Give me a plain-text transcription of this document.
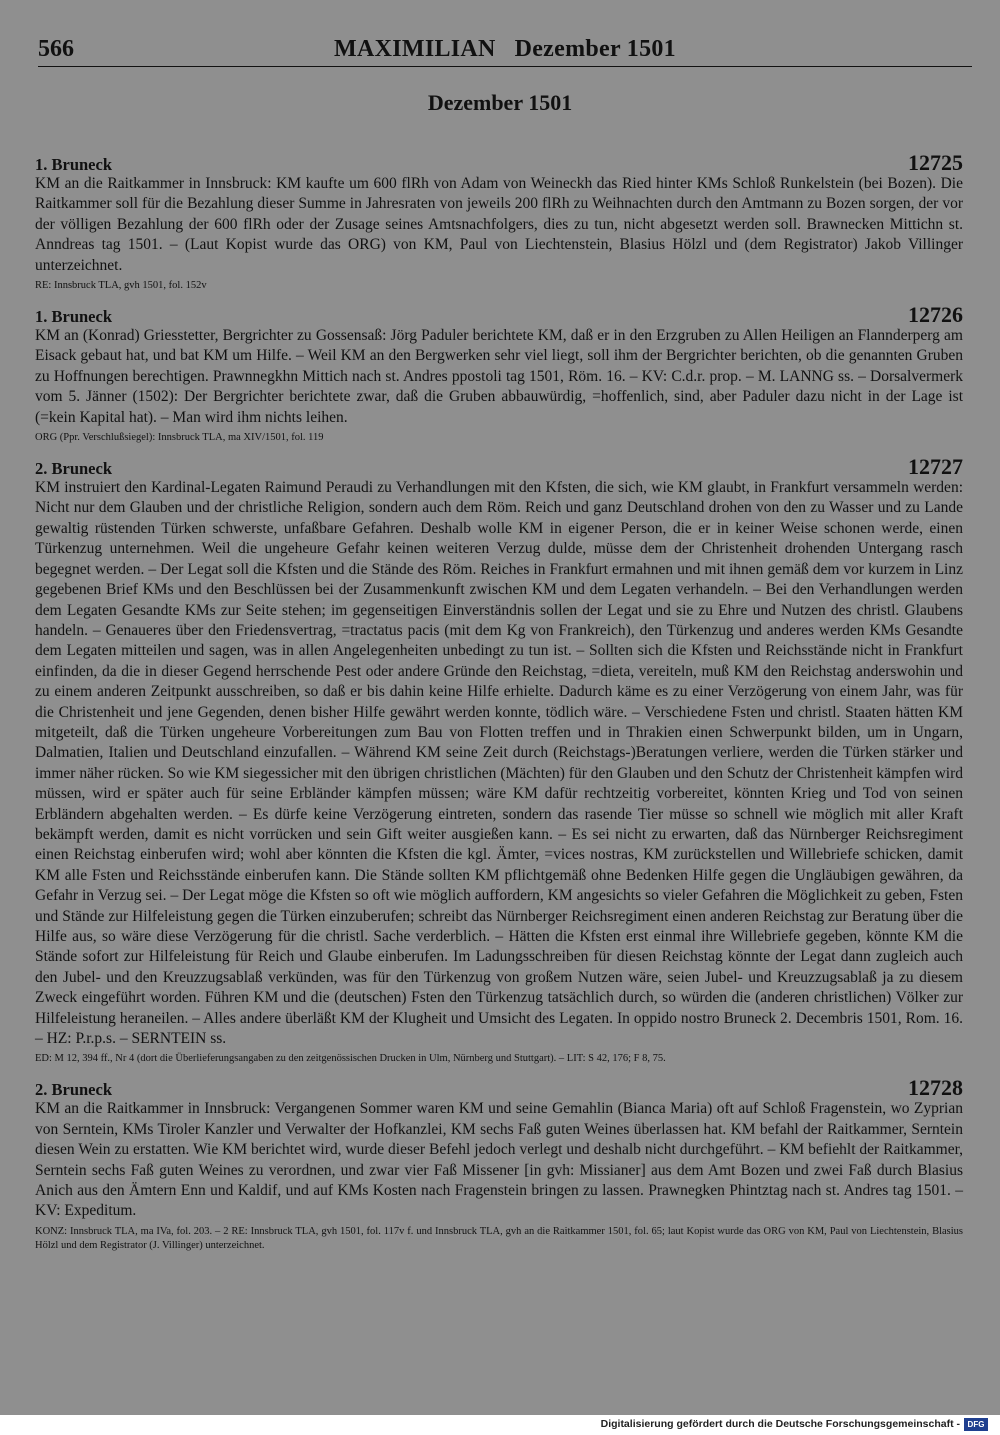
566	MAXIMILIAN   Dezember 1501
Dezember 1501
1. Bruneck	12725

KM an die Raitkammer in Innsbruck: KM kaufte um 600 flRh von Adam von Weineckh das Ried hinter KMs Schloß Runkelstein (bei Bozen). Die Raitkammer soll für die Bezahlung dieser Summe in Jahresraten von jeweils 200 flRh zu Weihnachten durch den Amtmann zu Bozen sorgen, der vor der völligen Bezahlung der 600 flRh oder der Zusage seines Amtsnachfolgers, dies zu tun, nicht abgesetzt werden soll. Brawnecken Mittichn st. Anndreas tag 1501. – (Laut Kopist wurde das ORG) von KM, Paul von Liechtenstein, Blasius Hölzl und (dem Registrator) Jakob Villinger unterzeichnet.

RE: Innsbruck TLA, gvh 1501, fol. 152v
1. Bruneck	12726

KM an (Konrad) Griesstetter, Bergrichter zu Gossensaß: Jörg Paduler berichtete KM, daß er in den Erzgruben zu Allen Heiligen an Flannderperg am Eisack gebaut hat, und bat KM um Hilfe. – Weil KM an den Bergwerken sehr viel liegt, soll ihm der Bergrichter berichten, ob die genannten Gruben zu Hoffnungen berechtigen. Prawnnegkhn Mittich nach st. Andres ppostoli tag 1501, Röm. 16. – KV: C.d.r. prop. – M. LANNG ss. – Dorsalvermerk vom 5. Jänner (1502): Der Bergrichter berichtete zwar, daß die Gruben abbauwürdig, =hoffenlich, sind, aber Paduler dazu nicht in der Lage ist (=kein Kapital hat). – Man wird ihm nichts leihen.

ORG (Ppr. Verschlußsiegel): Innsbruck TLA, ma XIV/1501, fol. 119
2. Bruneck	12727

KM instruiert den Kardinal-Legaten Raimund Peraudi zu Verhandlungen mit den Kfsten, die sich, wie KM glaubt, in Frankfurt versammeln werden: Nicht nur dem Glauben und der christliche Religion, sondern auch dem Röm. Reich und ganz Deutschland drohen von den zu Wasser und zu Lande gewaltig rüstenden Türken schwerste, unfaßbare Gefahren. Deshalb wolle KM in eigener Person, die er in keiner Weise schonen werde, einen Türkenzug unternehmen. Weil die ungeheure Gefahr keinen weiteren Verzug dulde, müsse dem der Christenheit drohenden Untergang rasch begegnet werden. – Der Legat soll die Kfsten und die Stände des Röm. Reiches in Frankfurt ermahnen und mit ihnen gemäß dem vor kurzem in Linz gegebenen Brief KMs und den Beschlüssen bei der Zusammenkunft zwischen KM und dem Legaten verhandeln. – Bei den Verhandlungen werden dem Legaten Gesandte KMs zur Seite stehen; im gegenseitigen Einverständnis sollen der Legat und sie zu Ehre und Nutzen des christl. Glaubens handeln. – Genaueres über den Friedensvertrag, =tractatus pacis (mit dem Kg von Frankreich), den Türkenzug und anderes werden KMs Gesandte dem Legaten mitteilen und sagen, was in allen Angelegenheiten unbedingt zu tun ist. – Sollten sich die Kfsten und Reichsstände nicht in Frankfurt einfinden, da die in dieser Gegend herrschende Pest oder andere Gründe den Reichstag, =dieta, vereiteln, muß KM den Reichstag anderswohin und zu einem anderen Zeitpunkt ausschreiben, so daß er bis dahin keine Hilfe erhielte. Dadurch käme es zu einer Verzögerung von einem Jahr, was für die Christenheit und jene Gegenden, denen bisher Hilfe gewährt werden konnte, tödlich wäre. – Verschiedene Fsten und christl. Staaten hätten KM mitgeteilt, daß die Türken ungeheure Vorbereitungen zum Bau von Flotten treffen und in Thrakien einen Schwerpunkt bilden, um in Ungarn, Dalmatien, Italien und Deutschland einzufallen. – Während KM seine Zeit durch (Reichstags-)Beratungen verliere, werden die Türken stärker und immer näher rücken. So wie KM siegessicher mit den übrigen christlichen (Mächten) für den Glauben und den Schutz der Christenheit kämpfen wird müssen, wird er später auch für seine Erbländer kämpfen müssen; wäre KM dafür rechtzeitig vorbereitet, könnten Krieg und Tod von seinen Erbländern abgehalten werden. – Es dürfe keine Verzögerung eintreten, sondern das rasende Tier müsse so schnell wie möglich mit aller Kraft bekämpft werden, damit es nicht vorrücken und sein Gift weiter ausgießen kann. – Es sei nicht zu erwarten, daß das Nürnberger Reichsregiment einen Reichstag einberufen wird; wohl aber könnten die Kfsten die kgl. Ämter, =vices nostras, KM zurückstellen und Willebriefe schicken, damit KM alle Fsten und Reichsstände einberufen kann. Die Stände sollten KM pflichtgemäß ohne Bedenken Hilfe gegen die Ungläubigen gewähren, da Gefahr in Verzug sei. – Der Legat möge die Kfsten so oft wie möglich auffordern, KM angesichts so vieler Gefahren die Möglichkeit zu geben, Fsten und Stände zur Hilfeleistung gegen die Türken einzuberufen; schreibt das Nürnberger Reichsregiment einen anderen Reichstag zur Beratung über die Hilfe aus, so wäre diese Verzögerung für die christl. Sache verderblich. – Hätten die Kfsten erst einmal ihre Willebriefe gegeben, könnte KM die Stände sofort zur Hilfeleistung für Reich und Glaube einberufen. Im Ladungsschreiben für diesen Reichstag könnte der Legat dann zugleich auch den Jubel- und den Kreuzzugsablaß verkünden, was für den Türkenzug von großem Nutzen wäre, seien Jubel- und Kreuzzugsablaß ja zu diesem Zweck eingeführt worden. Führen KM und die (deutschen) Fsten den Türkenzug tatsächlich durch, so würden die (anderen christlichen) Völker zur Hilfeleistung heraneilen. – Alles andere überläßt KM der Klugheit und Umsicht des Legaten. In oppido nostro Bruneck 2. Decembris 1501, Rom. 16. – HZ: P.r.p.s. – SERNTEIN ss.

ED: M 12, 394 ff., Nr 4 (dort die Überlieferungsangaben zu den zeitgenössischen Drucken in Ulm, Nürnberg und Stuttgart). – LIT: S 42, 176; F 8, 75.
2. Bruneck	12728

KM an die Raitkammer in Innsbruck: Vergangenen Sommer waren KM und seine Gemahlin (Bianca Maria) oft auf Schloß Fragenstein, wo Zyprian von Serntein, KMs Tiroler Kanzler und Verwalter der Hofkanzlei, KM sechs Faß guten Weines überlassen hat. KM befahl der Raitkammer, Serntein diesen Wein zu erstatten. Wie KM berichtet wird, wurde dieser Befehl jedoch verlegt und deshalb nicht durchgeführt. – KM befiehlt der Raitkammer, Serntein sechs Faß guten Weines zu verordnen, und zwar vier Faß Missener [in gvh: Missianer] aus dem Amt Bozen und zwei Faß durch Blasius Anich aus den Ämtern Enn und Kaldif, und auf KMs Kosten nach Fragenstein bringen zu lassen. Prawnegken Phintztag nach st. Andres tag 1501. – KV: Expeditum.

KONZ: Innsbruck TLA, ma IVa, fol. 203. – 2 RE: Innsbruck TLA, gvh 1501, fol. 117v f. und Innsbruck TLA, gvh an die Raitkammer 1501, fol. 65; laut Kopist wurde das ORG von KM, Paul von Liechtenstein, Blasius Hölzl und dem Registrator (J. Villinger) unterzeichnet.
Digitalisierung gefördert durch die Deutsche Forschungsgemeinschaft - DFG
